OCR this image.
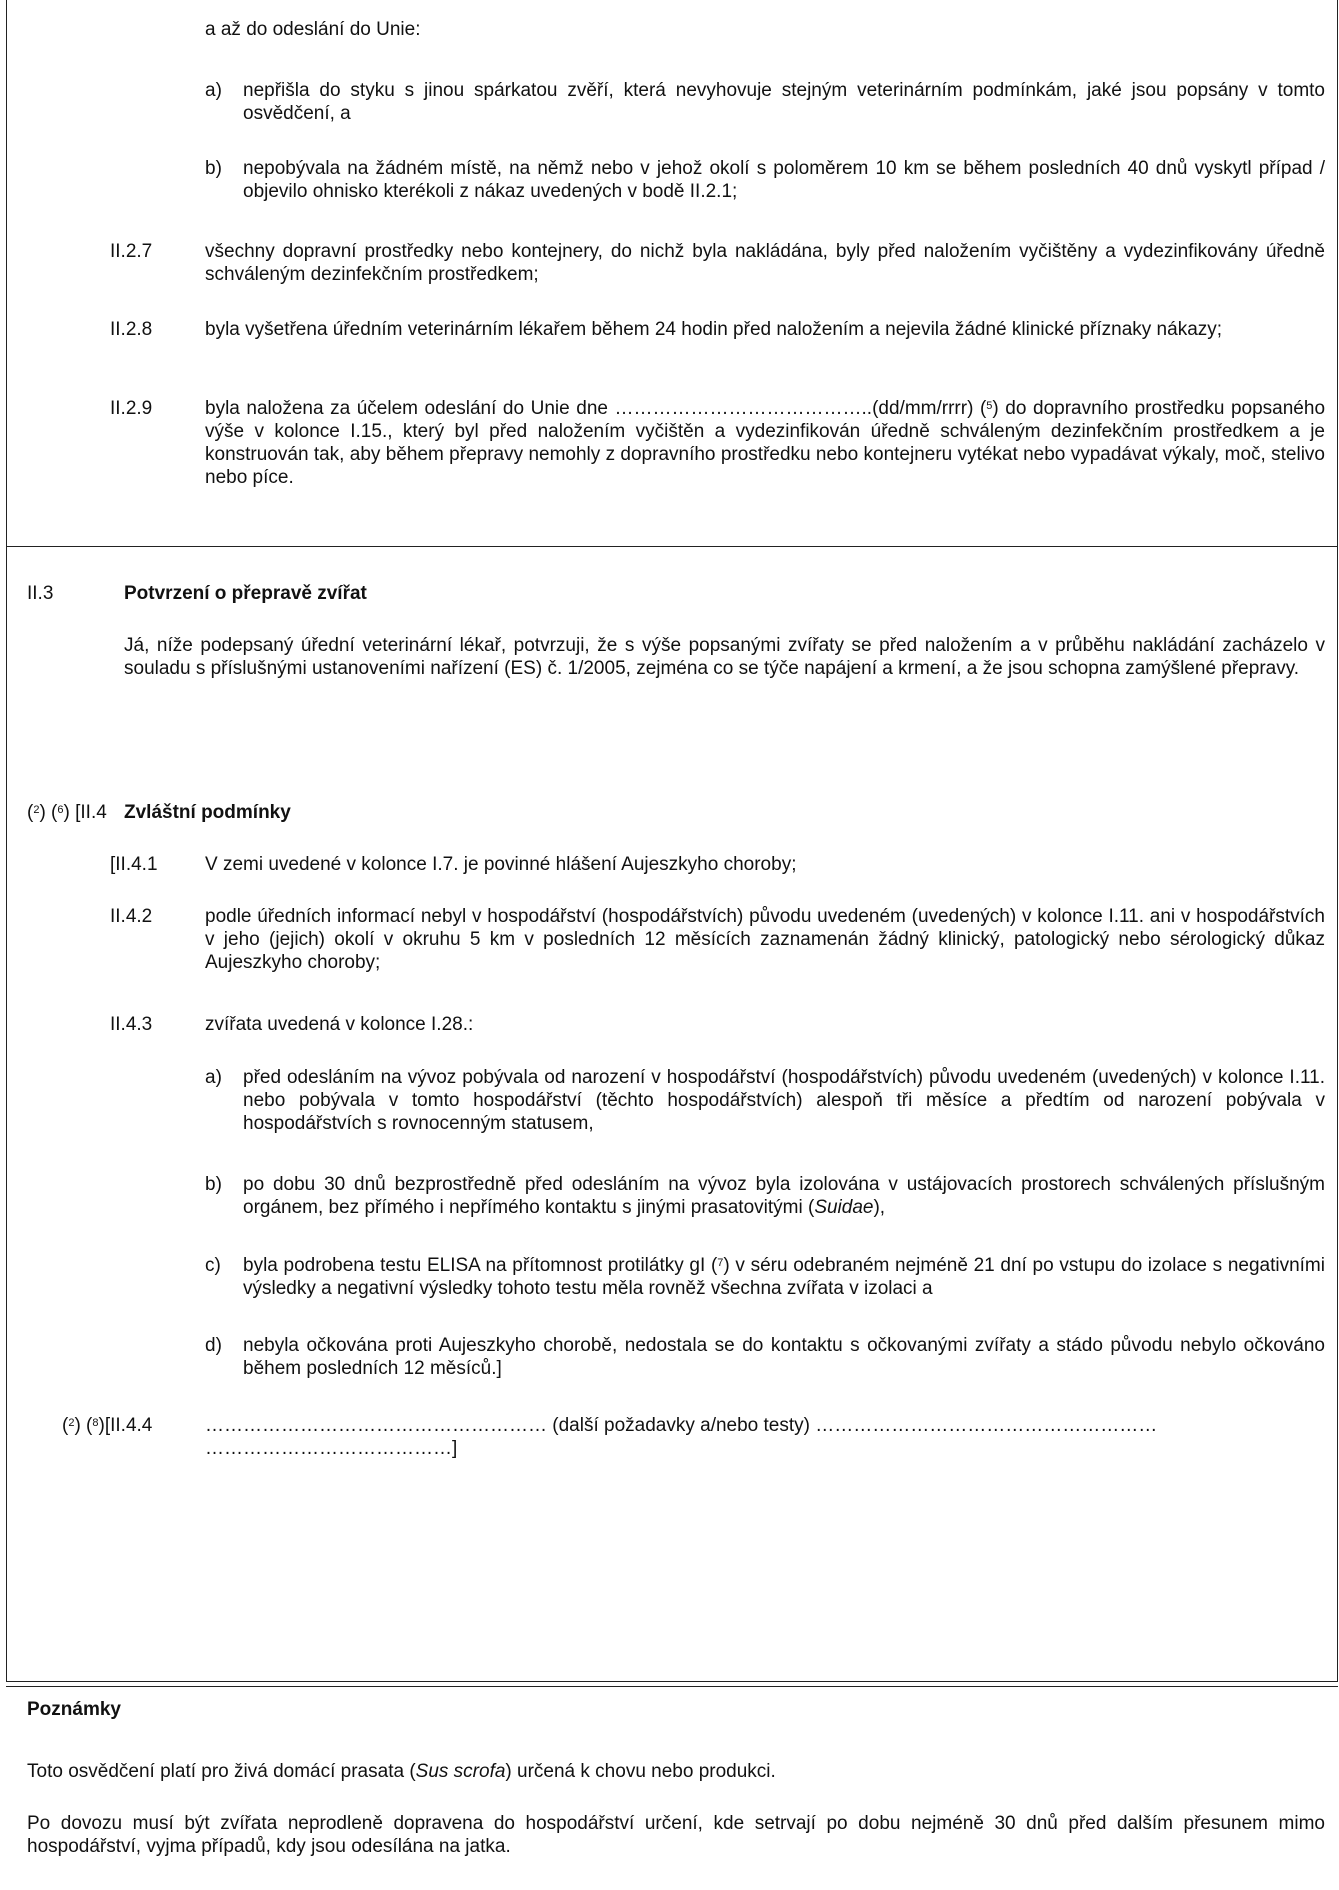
a až do odeslání do Unie:
a) nepřišla do styku s jinou spárkatou zvěří, která nevyhovuje stejným veterinárním podmínkám, jaké jsou popsány v tomto osvědčení, a
b) nepobývala na žádném místě, na němž nebo v jehož okolí s poloměrem 10 km se během posledních 40 dnů vyskytl případ / objevilo ohnisko kterékoli z nákaz uvedených v bodě II.2.1;
II.2.7	všechny dopravní prostředky nebo kontejnery, do nichž byla nakládána, byly před naložením vyčištěny a vydezinfikovány úředně schváleným dezinfekčním prostředkem;
II.2.8	byla vyšetřena úředním veterinárním lékařem během 24 hodin před naložením a nejevila žádné klinické příznaky nákazy;
II.2.9	byla naložena za účelem odeslání do Unie dne …………………………………..(dd/mm/rrrr) ($^5$) do dopravního prostředku popsaného výše v kolonce I.15., který byl před naložením vyčištěn a vydezinfikován úředně schváleným dezinfekčním prostředkem a je konstruován tak, aby během přepravy nemohly z dopravního prostředku nebo kontejneru vytékat nebo vypadávat výkaly, moč, stelivo nebo píce.
II.3	Potvrzení o přepravě zvířat
Já, níže podepsaný úřední veterinární lékař, potvrzuji, že s výše popsanými zvířaty se před naložením a v průběhu nakládání zacházelo v souladu s příslušnými ustanoveními nařízení (ES) č. 1/2005, zejména co se týče napájení a krmení, a že jsou schopna zamýšlené přepravy.
($^2$) ($^6$) [II.4 Zvláštní podmínky
[II.4.1 V zemi uvedené v kolonce I.7. je povinné hlášení Aujeszkyho choroby;
II.4.2	podle úředních informací nebyl v hospodářství (hospodářstvích) původu uvedeném (uvedených) v kolonce I.11. ani v hospodářstvích v jeho (jejich) okolí v okruhu 5 km v posledních 12 měsících zaznamenán žádný klinický, patologický nebo sérologický důkaz Aujeszkyho choroby;
II.4.3	zvířata uvedená v kolonce I.28.:
a) před odesláním na vývoz pobývala od narození v hospodářství (hospodářstvích) původu uvedeném (uvedených) v kolonce I.11. nebo pobývala v tomto hospodářství (těchto hospodářstvích) alespoň tři měsíce a předtím od narození pobývala v hospodářstvích s rovnocenným statusem,
b) po dobu 30 dnů bezprostředně před odesláním na vývoz byla izolována v ustájovacích prostorech schválených příslušným orgánem, bez přímého i nepřímého kontaktu s jinými prasatovitými (Suidae),
c) byla podrobena testu ELISA na přítomnost protilátky gI ($^7$) v séru odebraném nejméně 21 dní po vstupu do izolace s negativními výsledky a negativní výsledky tohoto testu měla rovněž všechna zvířata v izolaci a
d) nebyla očkována proti Aujeszkyho chorobě, nedostala se do kontaktu s očkovanými zvířaty a stádo původu nebylo očkováno během posledních 12 měsíců.]
($^2$) ($^8$)[II.4.4	……………………………………………… (další požadavky a/nebo testy) ………………………………………………
…………………………………]
Poznámky
Toto osvědčení platí pro živá domácí prasata (Sus scrofa) určená k chovu nebo produkci.
Po dovozu musí být zvířata neprodleně dopravena do hospodářství určení, kde setrvají po dobu nejméně 30 dnů před dalším přesunem mimo hospodářství, vyjma případů, kdy jsou odesílána na jatka.
